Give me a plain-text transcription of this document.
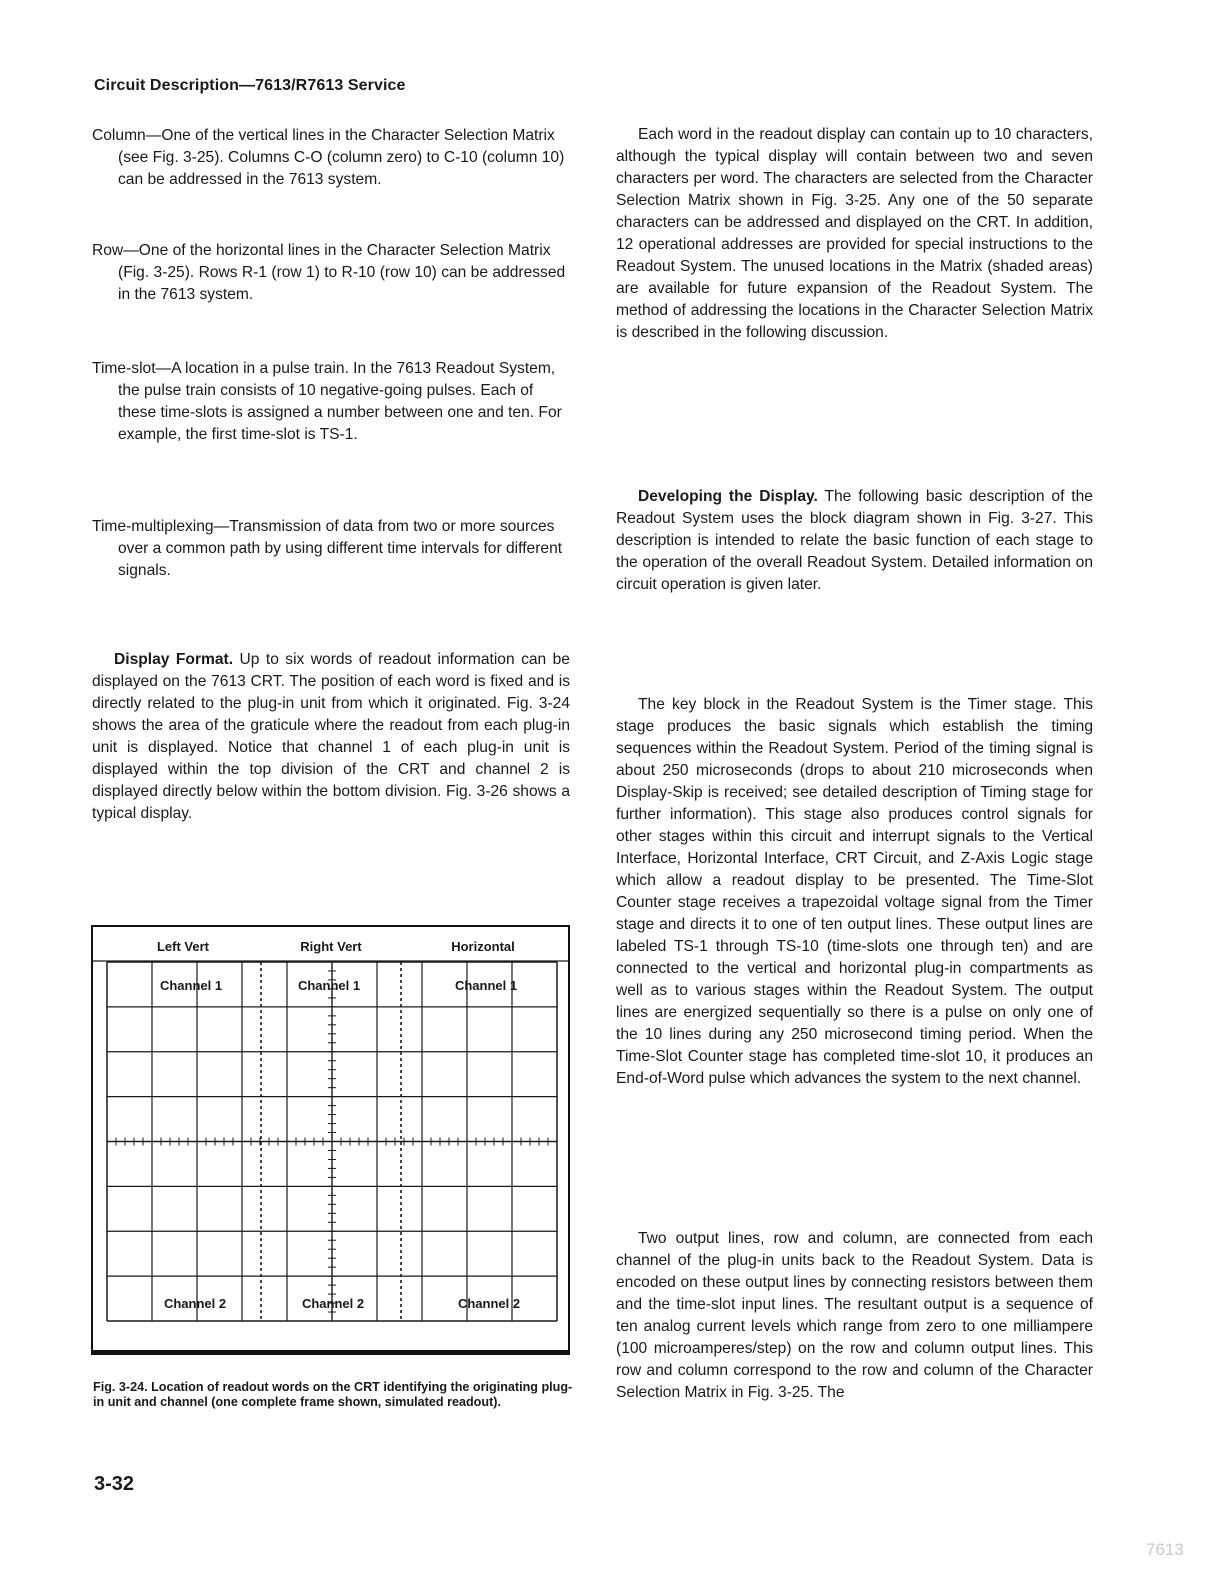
Circuit Description—7613/R7613 Service

Column—One of the vertical lines in the Character Selection Matrix (see Fig. 3-25). Columns C-O (column zero) to C-10 (column 10) can be addressed in the 7613 system.

Row—One of the horizontal lines in the Character Selection Matrix (Fig. 3-25). Rows R-1 (row 1) to R-10 (row 10) can be addressed in the 7613 system.

Time-slot—A location in a pulse train. In the 7613 Readout System, the pulse train consists of 10 negative-going pulses. Each of these time-slots is assigned a number between one and ten. For example, the first time-slot is TS-1.

Time-multiplexing—Transmission of data from two or more sources over a common path by using different time intervals for different signals.

Display Format. Up to six words of readout information can be displayed on the 7613 CRT. The position of each word is fixed and is directly related to the plug-in unit from which it originated. Fig. 3-24 shows the area of the graticule where the readout from each plug-in unit is displayed. Notice that channel 1 of each plug-in unit is displayed within the top division of the CRT and channel 2 is displayed directly below within the bottom division. Fig. 3-26 shows a typical display.
Left Vert	Right Vert	Horizontal
Channel 1	Channel 1	Channel 1
Channel 2	Channel 2	Channel 2
Fig. 3-24. Location of readout words on the CRT identifying the originating plug-in unit and channel (one complete frame shown, simulated readout).
Each word in the readout display can contain up to 10 characters, although the typical display will contain between two and seven characters per word. The characters are selected from the Character Selection Matrix shown in Fig. 3-25. Any one of the 50 separate characters can be addressed and displayed on the CRT. In addition, 12 operational addresses are provided for special instructions to the Readout System. The unused locations in the Matrix (shaded areas) are available for future expansion of the Readout System. The method of addressing the locations in the Character Selection Matrix is described in the following discussion.
Developing the Display. The following basic description of the Readout System uses the block diagram shown in Fig. 3-27. This description is intended to relate the basic function of each stage to the operation of the overall Readout System. Detailed information on circuit operation is given later.
The key block in the Readout System is the Timer stage. This stage produces the basic signals which establish the timing sequences within the Readout System. Period of the timing signal is about 250 microseconds (drops to about 210 microseconds when Display-Skip is received; see detailed description of Timing stage for further information). This stage also produces control signals for other stages within this circuit and interrupt signals to the Vertical Interface, Horizontal Interface, CRT Circuit, and Z-Axis Logic stage which allow a readout display to be presented. The Time-Slot Counter stage receives a trapezoidal voltage signal from the Timer stage and directs it to one of ten output lines. These output lines are labeled TS-1 through TS-10 (time-slots one through ten) and are connected to the vertical and horizontal plug-in compartments as well as to various stages within the Readout System. The output lines are energized sequentially so there is a pulse on only one of the 10 lines during any 250 microsecond timing period. When the Time-Slot Counter stage has completed time-slot 10, it produces an End-of-Word pulse which advances the system to the next channel.
Two output lines, row and column, are connected from each channel of the plug-in units back to the Readout System. Data is encoded on these output lines by connecting resistors between them and the time-slot input lines. The resultant output is a sequence of ten analog current levels which range from zero to one milliampere (100 microamperes/step) on the row and column output lines. This row and column correspond to the row and column of the Character Selection Matrix in Fig. 3-25. The
3-32
7613
